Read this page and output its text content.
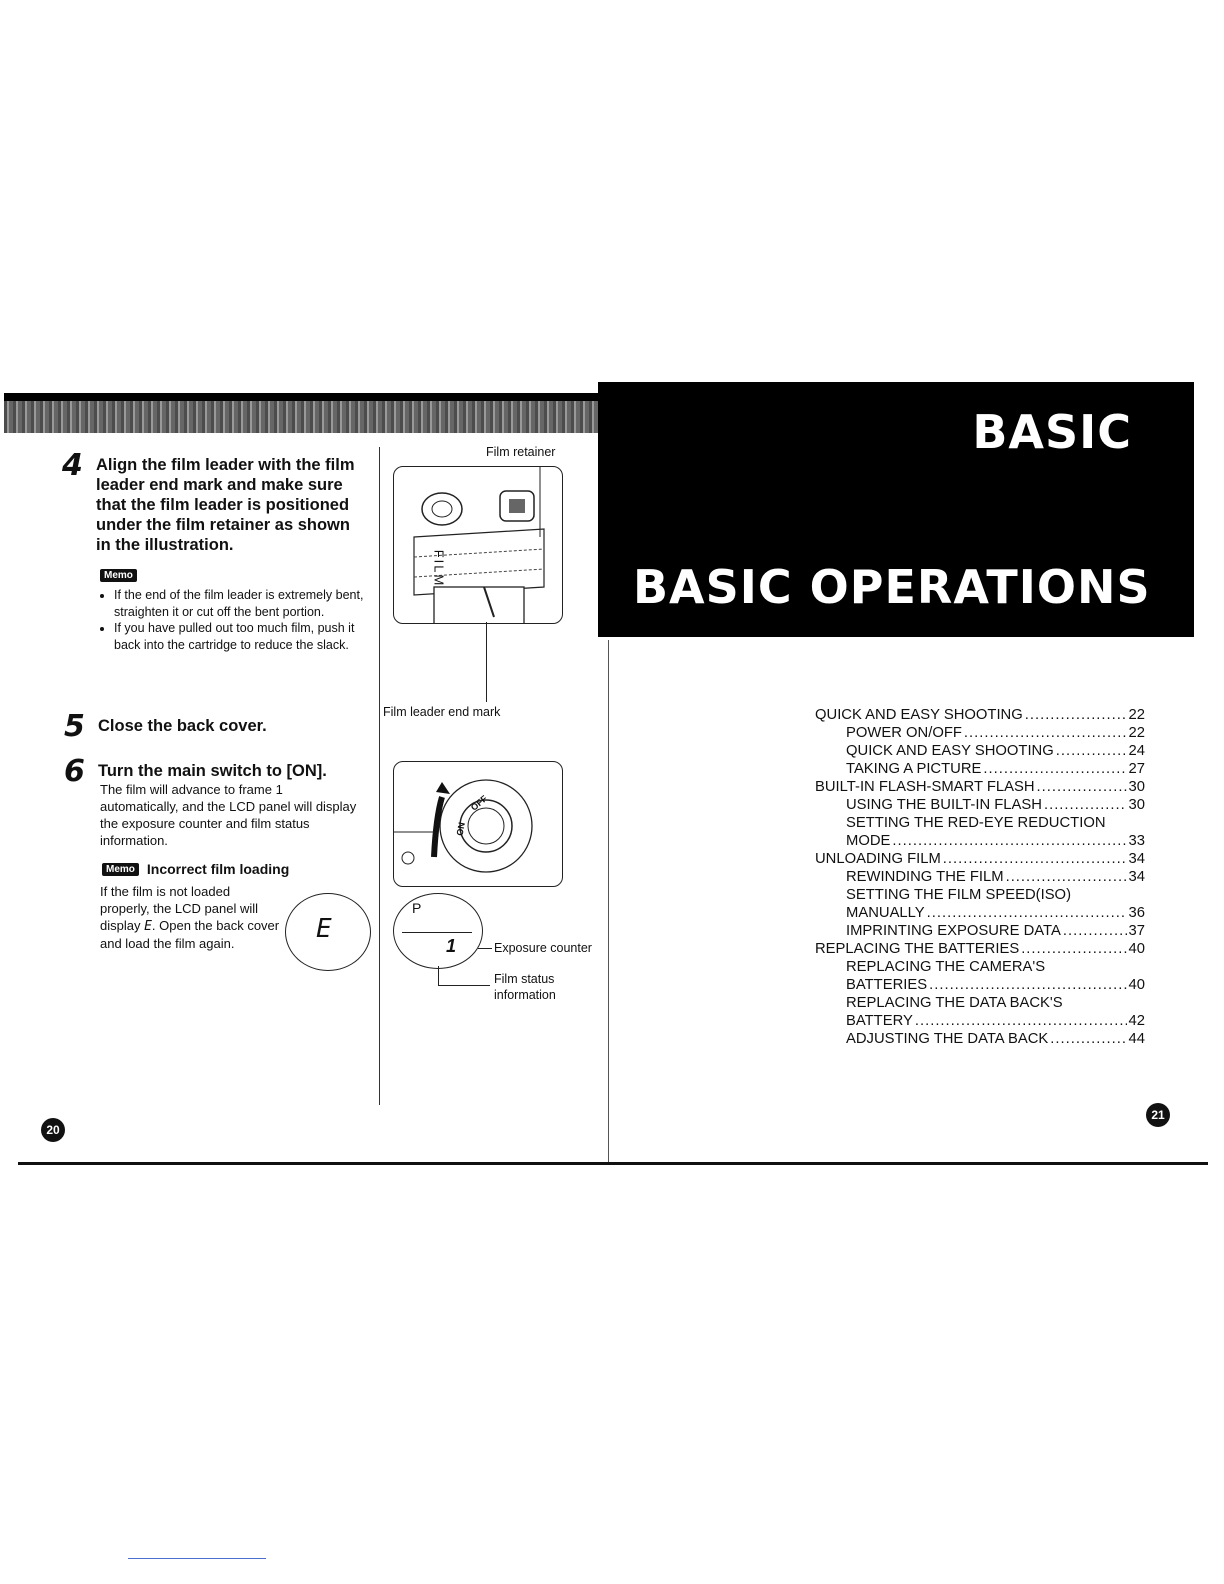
BASIC
BASIC OPERATIONS
4 Align the film leader with the film leader end mark and make sure that the film leader is positioned under the film retainer as shown in the illustration.
Memo
• If the end of the film leader is extremely bent, straighten it or cut off the bent portion.
• If you have pulled out too much film, push it back into the cartridge to reduce the slack.
5 Close the back cover.
6 Turn the main switch to [ON].
The film will advance to frame 1 automatically, and the LCD panel will display the exposure counter and film status information.
Memo Incorrect film loading
If the film is not loaded properly, the LCD panel will display E. Open the back cover and load the film again.	E
Film retainer
FILM
Film leader end mark
ON
OFF
P
1	Exposure counter
Film status information
QUICK AND EASY SHOOTING .....	22
POWER ON/OFF .....	22
QUICK AND EASY SHOOTING .....	24
TAKING A PICTURE .....	27
BUILT-IN FLASH-SMART FLASH .....	30
USING THE BUILT-IN FLASH .....	30
SETTING THE RED-EYE REDUCTION
MODE .....	33
UNLOADING FILM .....	34
REWINDING THE FILM .....	34
SETTING THE FILM SPEED(ISO)
MANUALLY .....	36
IMPRINTING EXPOSURE DATA .....	37
REPLACING THE BATTERIES .....	40
REPLACING THE CAMERA'S
BATTERIES .....	40
REPLACING THE DATA BACK'S
BATTERY .....	42
ADJUSTING THE DATA BACK .....	44
20
21
